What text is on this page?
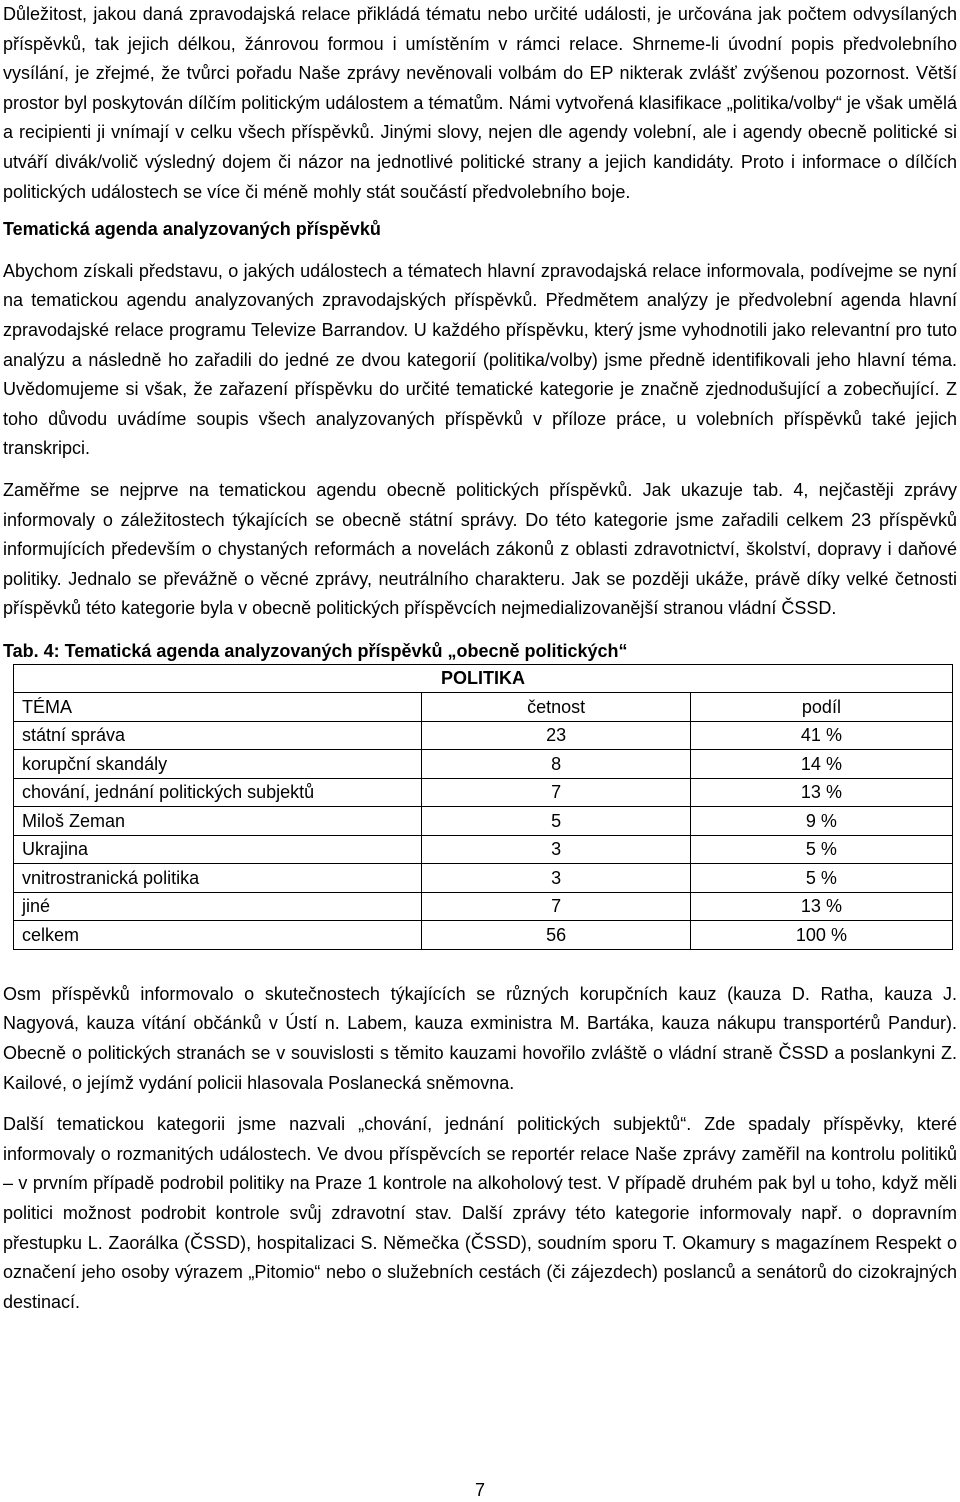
Důležitost, jakou daná zpravodajská relace přikládá tématu nebo určité události, je určována jak počtem odvysílaných příspěvků, tak jejich délkou, žánrovou formou i umístěním v rámci relace. Shrneme-li úvodní popis předvolebního vysílání, je zřejmé, že tvůrci pořadu Naše zprávy nevěnovali volbám do EP nikterak zvlášť zvýšenou pozornost. Větší prostor byl poskytován dílčím politickým událostem a tématům. Námi vytvořená klasifikace „politika/volby“ je však umělá a recipienti ji vnímají v celku všech příspěvků. Jinými slovy, nejen dle agendy volební, ale i agendy obecně politické si utváří divák/volič výsledný dojem či názor na jednotlivé politické strany a jejich kandidáty. Proto i informace o dílčích politických událostech se více či méně mohly stát součástí předvolebního boje.

Tematická agenda analyzovaných příspěvků

Abychom získali představu, o jakých událostech a tématech hlavní zpravodajská relace informovala, podívejme se nyní na tematickou agendu analyzovaných zpravodajských příspěvků. Předmětem analýzy je předvolební agenda hlavní zpravodajské relace programu Televize Barrandov. U každého příspěvku, který jsme vyhodnotili jako relevantní pro tuto analýzu a následně ho zařadili do jedné ze dvou kategorií (politika/volby) jsme předně identifikovali jeho hlavní téma. Uvědomujeme si však, že zařazení příspěvku do určité tematické kategorie je značně zjednodušující a zobecňující. Z toho důvodu uvádíme soupis všech analyzovaných příspěvků v příloze práce, u volebních příspěvků také jejich transkripci.

Zaměřme se nejprve na tematickou agendu obecně politických příspěvků. Jak ukazuje tab. 4, nejčastěji zprávy informovaly o záležitostech týkajících se obecně státní správy. Do této kategorie jsme zařadili celkem 23 příspěvků informujících především o chystaných reformách a novelách zákonů z oblasti zdravotnictví, školství, dopravy i daňové politiky. Jednalo se převážně o věcné zprávy, neutrálního charakteru. Jak se později ukáže, právě díky velké četnosti příspěvků této kategorie byla v obecně politických příspěvcích nejmedializovanější stranou vládní ČSSD.

Tab. 4: Tematická agenda analyzovaných příspěvků „obecně politických“

POLITIKA		
TÉMA	četnost	podíl
státní správa	23	41 %
korupční skandály	8	14 %
chování, jednání politických subjektů	7	13 %
Miloš Zeman	5	9 %
Ukrajina	3	5 %
vnitrostranická politika	3	5 %
jiné	7	13 %
celkem	56	100 %

Osm příspěvků informovalo o skutečnostech týkajících se různých korupčních kauz (kauza D. Ratha, kauza J. Nagyová, kauza vítání občánků v Ústí n. Labem, kauza exministra M. Bartáka, kauza nákupu transportérů Pandur). Obecně o politických stranách se v souvislosti s těmito kauzami hovořilo zvláště o vládní straně ČSSD a poslankyni Z. Kailové, o jejímž vydání policii hlasovala Poslanecká sněmovna.

Další tematickou kategorii jsme nazvali „chování, jednání politických subjektů“. Zde spadaly příspěvky, které informovaly o rozmanitých událostech. Ve dvou příspěvcích se reportér relace Naše zprávy zaměřil na kontrolu politiků – v prvním případě podrobil politiky na Praze 1 kontrole na alkoholový test. V případě druhém pak byl u toho, když měli politici možnost podrobit kontrole svůj zdravotní stav. Další zprávy této kategorie informovaly např. o dopravním přestupku L. Zaorálka (ČSSD), hospitalizaci S. Němečka (ČSSD), soudním sporu T. Okamury s magazínem Respekt o označení jeho osoby výrazem „Pitomio“ nebo o služebních cestách (či zájezdech) poslanců a senátorů do cizokrajných destinací.

7
